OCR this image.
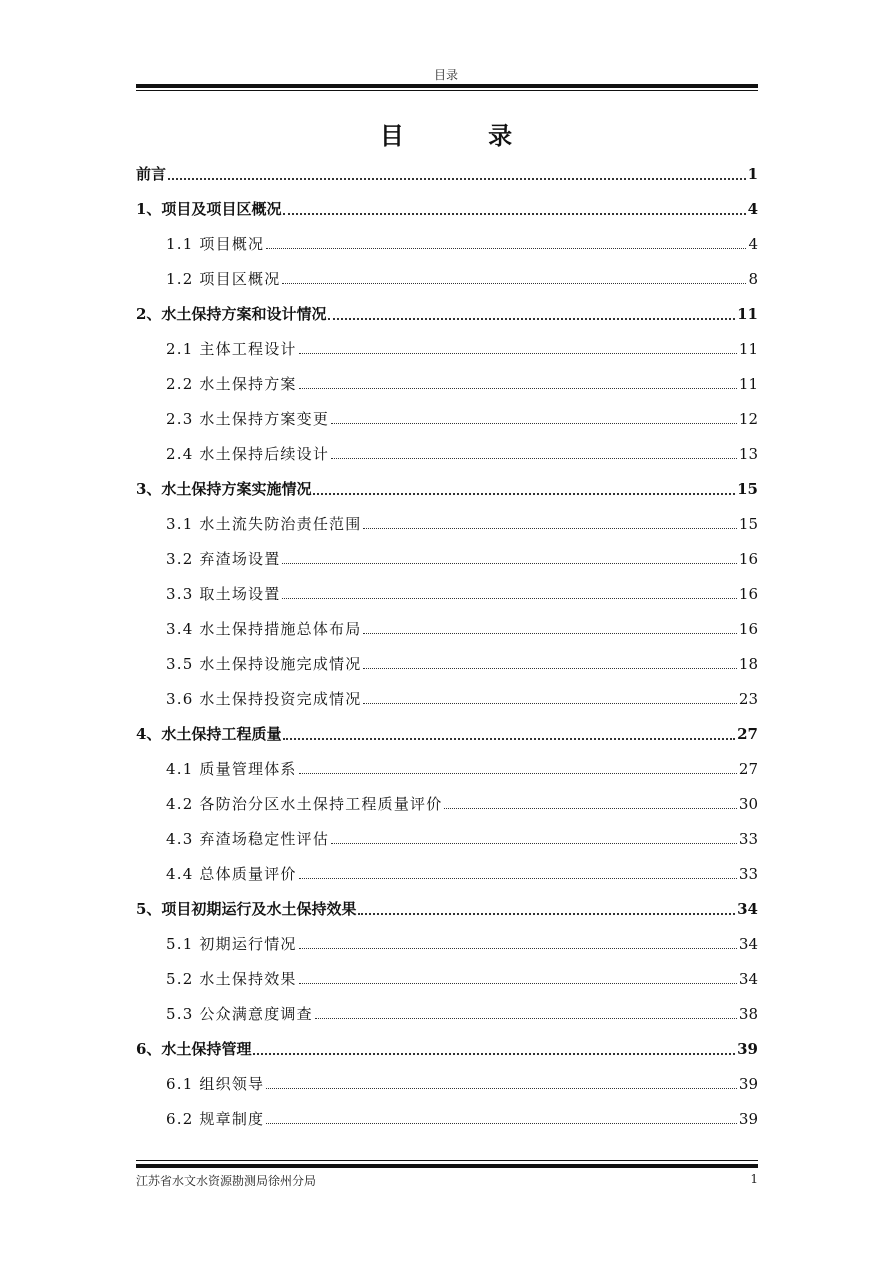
目录
目 录
前言	1
1、项目及项目区概况	4
1.1 项目概况	4
1.2 项目区概况	8
2、水土保持方案和设计情况	11
2.1 主体工程设计	11
2.2 水土保持方案	11
2.3 水土保持方案变更	12
2.4 水土保持后续设计	13
3、水土保持方案实施情况	15
3.1 水土流失防治责任范围	15
3.2 弃渣场设置	16
3.3 取土场设置	16
3.4 水土保持措施总体布局	16
3.5 水土保持设施完成情况	18
3.6 水土保持投资完成情况	23
4、水土保持工程质量	27
4.1 质量管理体系	27
4.2 各防治分区水土保持工程质量评价	30
4.3 弃渣场稳定性评估	33
4.4 总体质量评价	33
5、项目初期运行及水土保持效果	34
5.1 初期运行情况	34
5.2 水土保持效果	34
5.3 公众满意度调查	38
6、水土保持管理	39
6.1 组织领导	39
6.2 规章制度	39
江苏省水文水资源勘测局徐州分局	1
